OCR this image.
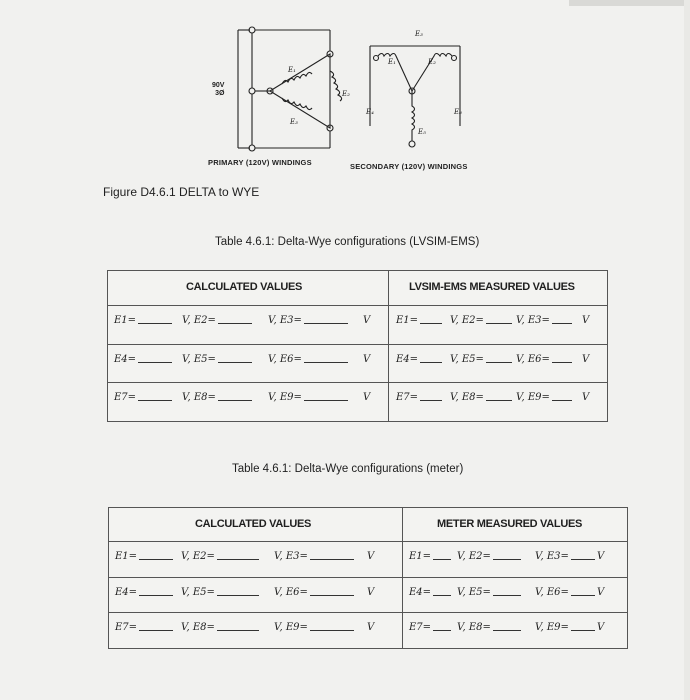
E₁
E₂
E₃
E₃
E₁	E₂
E₄	E₆
E₅
90V
3Ø
PRIMARY (120V) WINDINGS	SECONDARY (120V) WINDINGS
Figure D4.6.1 DELTA to WYE
Table 4.6.1: Delta-Wye configurations (LVSIM-EMS)
CALCULATED VALUES	LVSIM-EMS MEASURED VALUES
E1=	V, E2=	V, E3=	V	E1=	V, E2=	V, E3=	V
E4=	V, E5=	V, E6=	V	E4=	V, E5=	V, E6=	V
E7=	V, E8=	V, E9=	V	E7=	V, E8=	V, E9=	V
Table 4.6.1: Delta-Wye configurations (meter)
CALCULATED VALUES	METER MEASURED VALUES
E1=	V, E2=	V, E3=	V	E1=	V, E2=	V, E3=	V
E4=	V, E5=	V, E6=	V	E4=	V, E5=	V, E6=	V
E7=	V, E8=	V, E9=	V	E7=	V, E8=	V, E9=	V
